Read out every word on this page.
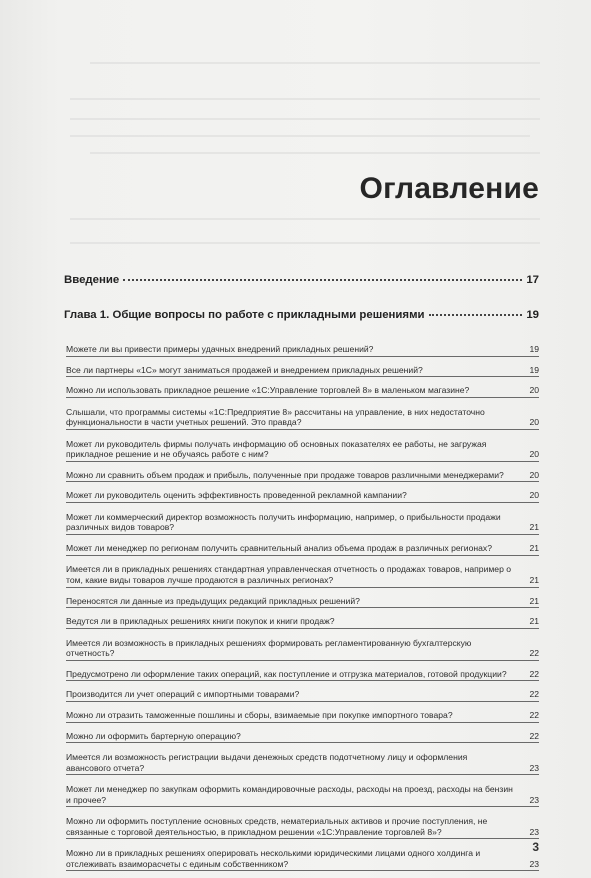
Оглавление
Введение	17
Глава 1. Общие вопросы по работе с прикладными решениями	19
Можете ли вы привести примеры удачных внедрений прикладных решений?	19
Все ли партнеры «1С» могут заниматься продажей и внедрением прикладных решений?	19
Можно ли использовать прикладное решение «1С:Управление торговлей 8» в маленьком магазине?	20
Слышали, что программы системы «1С:Предприятие 8» рассчитаны на управление, в них недостаточно функциональности в части учетных решений. Это правда?	20
Может ли руководитель фирмы получать информацию об основных показателях ее работы, не загружая прикладное решение и не обучаясь работе с ним?	20
Можно ли сравнить объем продаж и прибыль, полученные при продаже товаров различными менеджерами?	20
Может ли руководитель оценить эффективность проведенной рекламной кампании?	20
Может ли коммерческий директор возможность получить информацию, например, о прибыльности продажи различных видов товаров?	21
Может ли менеджер по регионам получить сравнительный анализ объема продаж в различных регионах?	21
Имеется ли в прикладных решениях стандартная управленческая отчетность о продажах товаров, например о том, какие виды товаров лучше продаются в различных регионах?	21
Переносятся ли данные из предыдущих редакций прикладных решений?	21
Ведутся ли в прикладных решениях книги покупок и книги продаж?	21
Имеется ли возможность в прикладных решениях формировать регламентированную бухгалтерскую отчетность?	22
Предусмотрено ли оформление таких операций, как поступление и отгрузка материалов, готовой продукции?	22
Производится ли учет операций с импортными товарами?	22
Можно ли отразить таможенные пошлины и сборы, взимаемые при покупке импортного товара?	22
Можно ли оформить бартерную операцию?	22
Имеется ли возможность регистрации выдачи денежных средств подотчетному лицу и оформления авансового отчета?	23
Может ли менеджер по закупкам оформить командировочные расходы, расходы на проезд, расходы на бензин и прочее?	23
Можно ли оформить поступление основных средств, нематериальных активов и прочие поступления, не связанные с торговой деятельностью, в прикладном решении «1С:Управление торговлей 8»?	23
Можно ли в прикладных решениях оперировать несколькими юридическими лицами одного холдинга и отслеживать взаиморасчеты с единым собственником?	23
3
